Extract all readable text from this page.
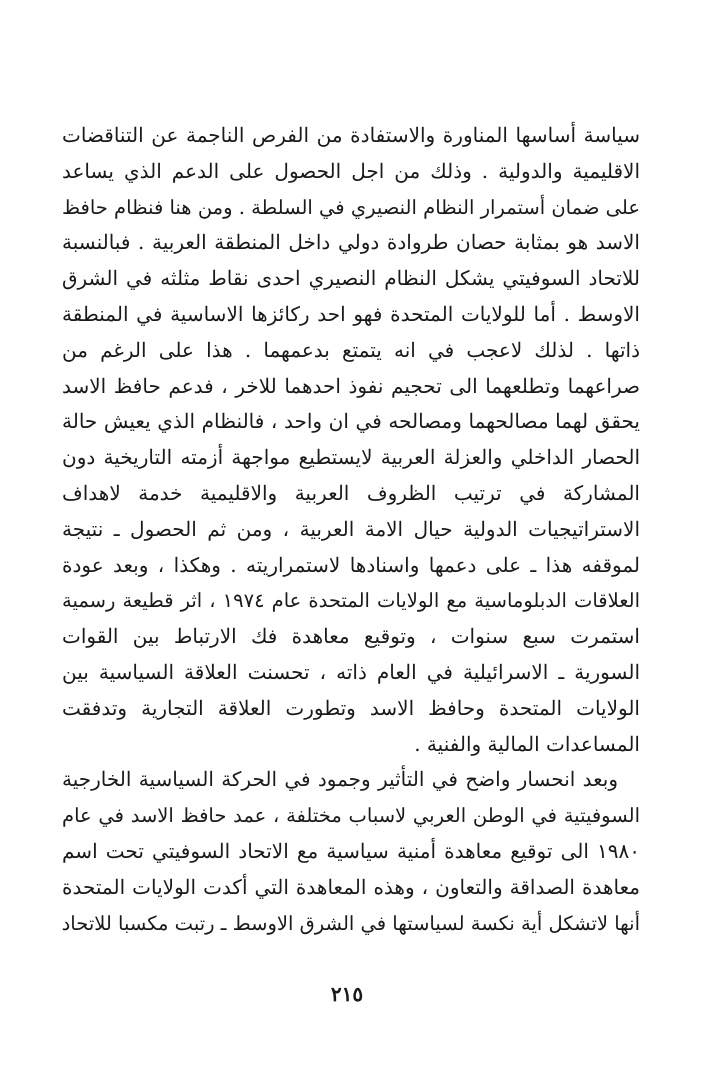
سياسة أساسها المناورة والاستفادة من الفرص الناجمة عن التناقضات
الاقليمية والدولية . وذلك من اجل الحصول على الدعم الذي يساعد
على ضمان أستمرار النظام النصيري في السلطة . ومن هنا فنظام حافظ
الاسد هو بمثابة حصان طروادة دولي داخل المنطقة العربية . فبالنسبة
للاتحاد السوفيتي يشكل النظام النصيري احدى نقاط مثلثه في الشرق
الاوسط . أما للولايات المتحدة فهو احد ركائزها الاساسية في المنطقة
ذاتها . لذلك لاعجب في انه يتمتع بدعمهما . هذا على الرغم من
صراعهما وتطلعهما الى تحجيم نفوذ احدهما للاخر ، فدعم حافظ الاسد
يحقق لهما مصالحهما ومصالحه في ان واحد ، فالنظام الذي يعيش حالة
الحصار الداخلي والعزلة العربية لايستطيع مواجهة أزمته التاريخية دون
المشاركة في ترتيب الظروف العربية والاقليمية خدمة لاهداف
الاستراتيجيات الدولية حيال الامة العربية ، ومن ثم الحصول ـ نتيجة
لموقفه هذا ـ على دعمها واسنادها لاستمراريته . وهكذا ، وبعد عودة
العلاقات الدبلوماسية مع الولايات المتحدة عام ١٩٧٤ ، اثر قطيعة رسمية
استمرت سبع سنوات ، وتوقيع معاهدة فك الارتباط بين القوات
السورية ـ الاسرائيلية في العام ذاته ، تحسنت العلاقة السياسية بين
الولايات المتحدة وحافظ الاسد وتطورت العلاقة التجارية وتدفقت
المساعدات المالية والفنية .
وبعد انحسار واضح في التأثير وجمود في الحركة السياسية الخارجية
السوفيتية في الوطن العربي لاسباب مختلفة ، عمد حافظ الاسد في عام
١٩٨٠ الى توقيع معاهدة أمنية سياسية مع الاتحاد السوفيتي تحت اسم
معاهدة الصداقة والتعاون ، وهذه المعاهدة التي أكدت الولايات المتحدة
أنها لاتشكل أية نكسة لسياستها في الشرق الاوسط ـ رتبت مكسبا للاتحاد
٢١٥
